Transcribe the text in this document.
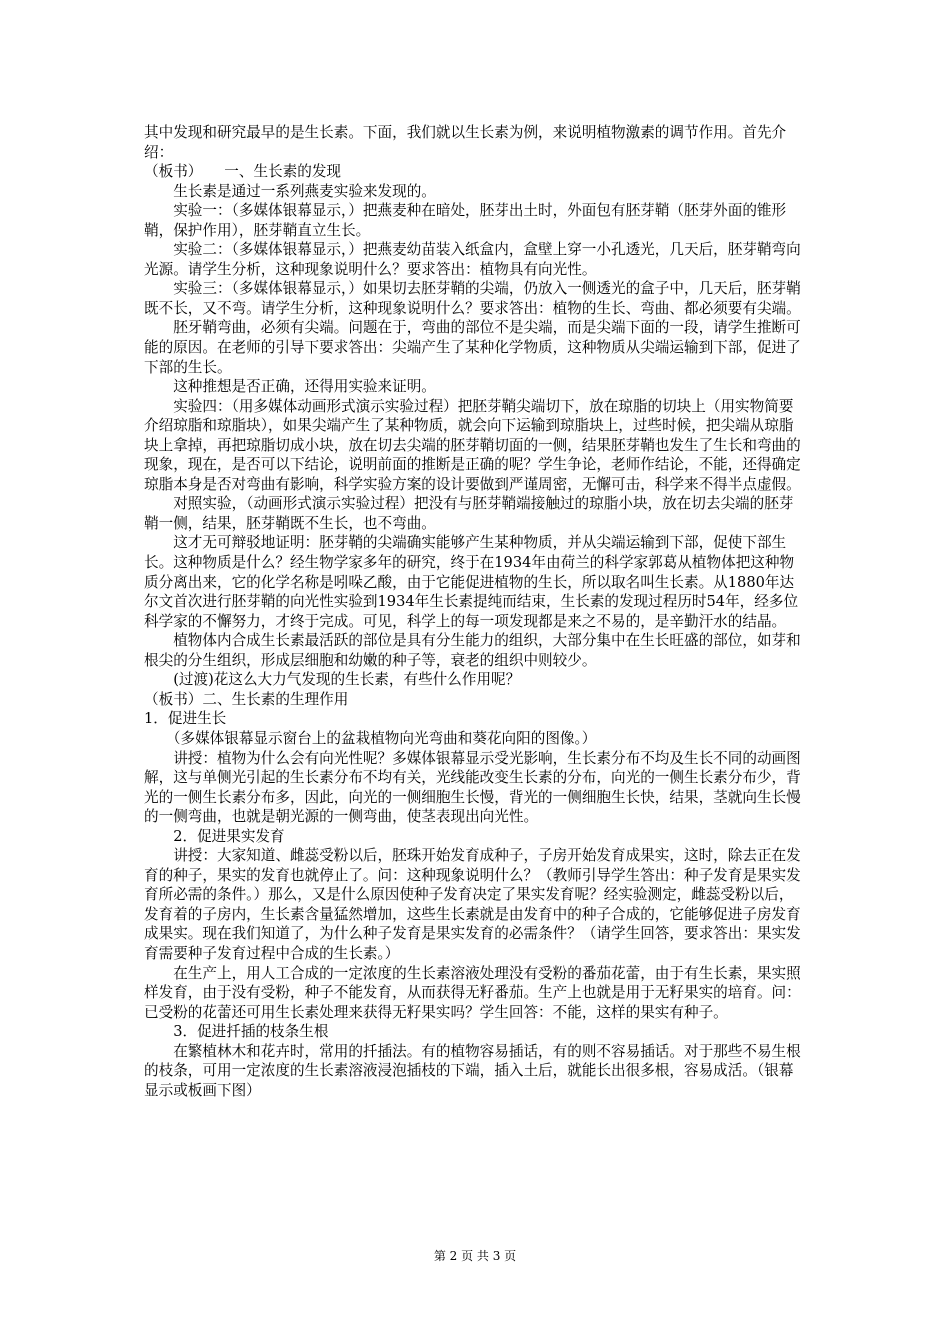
其中发现和研究最早的是生长素。下面，我们就以生长素为例，来说明植物激素的调节作用。首先介绍：

（板书）　　一、生长素的发现

　　生长素是通过一系列燕麦实验来发现的。

　　实验一：（多媒体银幕显示，）把燕麦种在暗处，胚芽出土时，外面包有胚芽鞘（胚芽外面的锥形鞘，保护作用），胚芽鞘直立生长。

　　实验二：（多媒体银幕显示，）把燕麦幼苗装入纸盒内，盒壁上穿一小孔透光，几天后，胚芽鞘弯向光源。请学生分析，这种现象说明什么？要求答出：植物具有向光性。

　　实验三：（多媒体银幕显示，）如果切去胚芽鞘的尖端，仍放入一侧透光的盒子中，几天后，胚芽鞘既不长，又不弯。请学生分析，这种现象说明什么？要求答出：植物的生长、弯曲、都必须要有尖端。

　　胚牙鞘弯曲，必须有尖端。问题在于，弯曲的部位不是尖端，而是尖端下面的一段，请学生推断可能的原因。在老师的引导下要求答出：尖端产生了某种化学物质，这种物质从尖端运输到下部，促进了下部的生长。

　　这种推想是否正确，还得用实验来证明。

　　实验四：（用多媒体动画形式演示实验过程）把胚芽鞘尖端切下，放在琼脂的切块上（用实物简要介绍琼脂和琼脂块），如果尖端产生了某种物质，就会向下运输到琼脂块上，过些时候，把尖端从琼脂块上拿掉，再把琼脂切成小块，放在切去尖端的胚芽鞘切面的一侧，结果胚芽鞘也发生了生长和弯曲的现象，现在，是否可以下结论，说明前面的推断是正确的呢？学生争论，老师作结论，不能，还得确定琼脂本身是否对弯曲有影响，科学实验方案的设计要做到严谨周密，无懈可击，科学来不得半点虚假。

　　对照实验，（动画形式演示实验过程）把没有与胚芽鞘端接触过的琼脂小块，放在切去尖端的胚芽鞘一侧，结果，胚芽鞘既不生长，也不弯曲。

　　这才无可辩驳地证明：胚芽鞘的尖端确实能够产生某种物质，并从尖端运输到下部，促使下部生长。这种物质是什么？经生物学家多年的研究，终于在1934年由荷兰的科学家郭葛从植物体把这种物质分离出来，它的化学名称是吲哚乙酸，由于它能促进植物的生长，所以取名叫生长素。从1880年达尔文首次进行胚芽鞘的向光性实验到1934年生长素提纯而结束，生长素的发现过程历时54年，经多位科学家的不懈努力，才终于完成。可见，科学上的每一项发现都是来之不易的，是辛勤汗水的结晶。

　　植物体内合成生长素最活跃的部位是具有分生能力的组织，大部分集中在生长旺盛的部位，如芽和根尖的分生组织，形成层细胞和幼嫩的种子等，衰老的组织中则较少。

　　(过渡)花这么大力气发现的生长素，有些什么作用呢？

（板书）二、生长素的生理作用

1．促进生长

　　（多媒体银幕显示窗台上的盆栽植物向光弯曲和葵花向阳的图像。）

　　讲授：植物为什么会有向光性呢？多媒体银幕显示受光影响，生长素分布不均及生长不同的动画图解，这与单侧光引起的生长素分布不均有关，光线能改变生长素的分布，向光的一侧生长素分布少，背光的一侧生长素分布多，因此，向光的一侧细胞生长慢，背光的一侧细胞生长快，结果，茎就向生长慢的一侧弯曲，也就是朝光源的一侧弯曲，使茎表现出向光性。

　　2．促进果实发育

　　讲授：大家知道、雌蕊受粉以后，胚珠开始发育成种子，子房开始发育成果实，这时，除去正在发育的种子，果实的发育也就停止了。问：这种现象说明什么？（教师引导学生答出：种子发育是果实发育所必需的条件。）那么，又是什么原因使种子发育决定了果实发育呢？经实验测定，雌蕊受粉以后，发育着的子房内，生长素含量猛然增加，这些生长素就是由发育中的种子合成的，它能够促进子房发育成果实。现在我们知道了，为什么种子发育是果实发育的必需条件？（请学生回答，要求答出：果实发育需要种子发育过程中合成的生长素。）

　　在生产上，用人工合成的一定浓度的生长素溶液处理没有受粉的番茄花蕾，由于有生长素，果实照样发育，由于没有受粉，种子不能发育，从而获得无籽番茄。生产上也就是用于无籽果实的培育。问：已受粉的花蕾还可用生长素处理来获得无籽果实吗？学生回答：不能，这样的果实有种子。

　　3．促进扦插的枝条生根

　　在繁植林木和花卉时，常用的扦插法。有的植物容易插话，有的则不容易插话。对于那些不易生根的枝条，可用一定浓度的生长素溶液浸泡插枝的下端，插入土后，就能长出很多根，容易成活。（银幕显示或板画下图）

第 2 页 共 3 页
